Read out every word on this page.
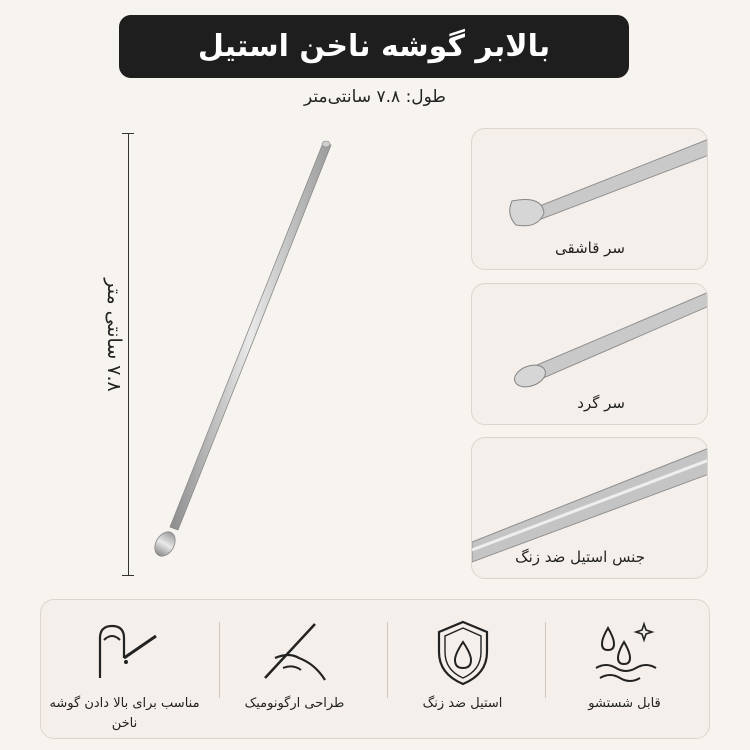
بالابر گوشه ناخن استیل
طول: ۷.۸ سانتی‌متر
۷.۸ سانتی متر
سر قاشقی
سر گرد
جنس استیل ضد زنگ
مناسب برای بالا دادن گوشه ناخن
طراحی ارگونومیک	استیل ضد زنگ	قابل شستشو
